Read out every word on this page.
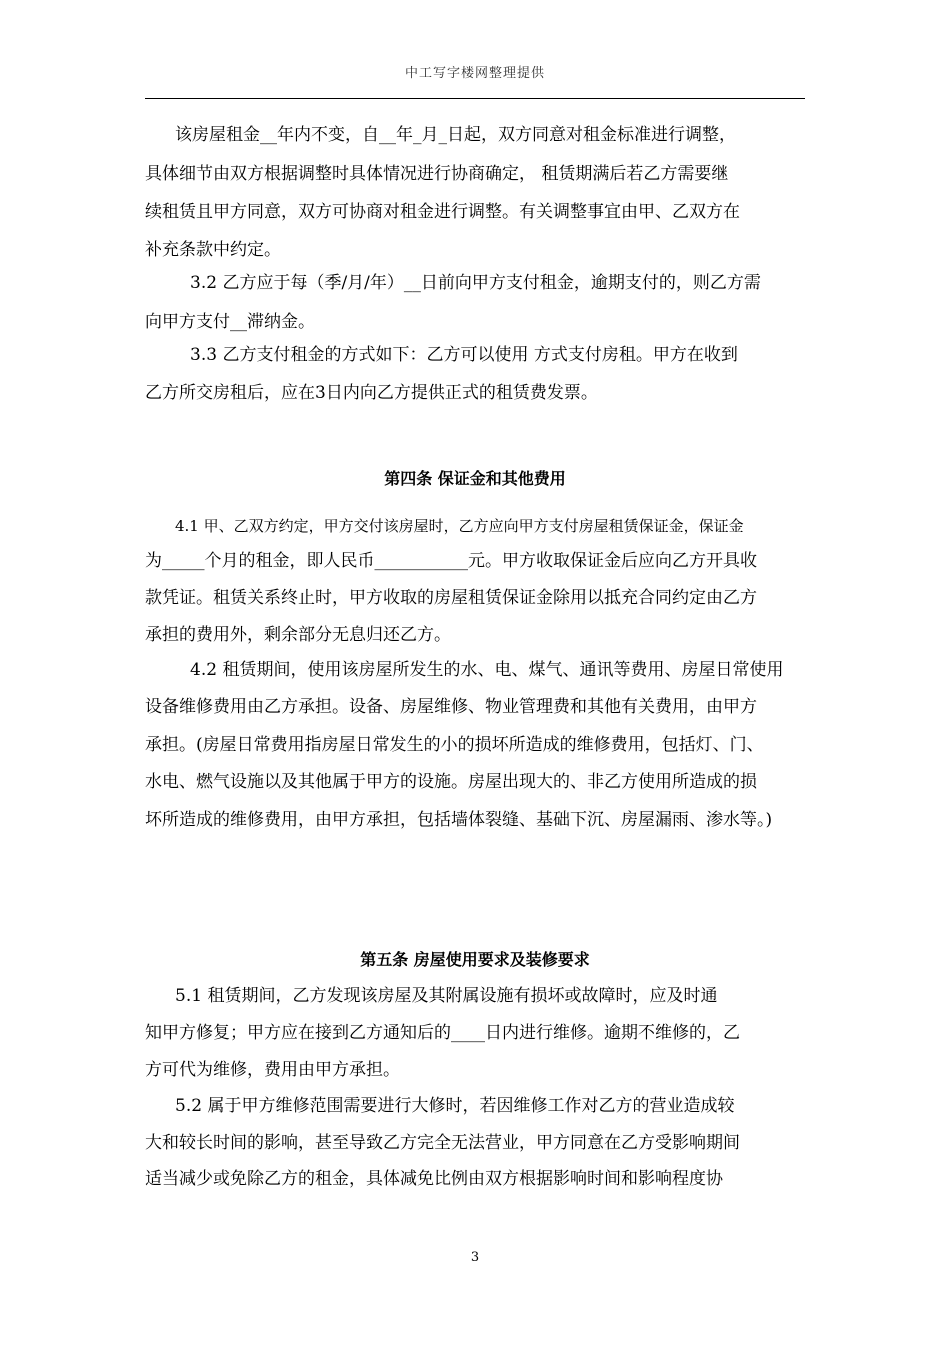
中工写字楼网整理提供
该房屋租金__年内不变，自__年_月_日起，双方同意对租金标准进行调整，
具体细节由双方根据调整时具体情况进行协商确定， 租赁期满后若乙方需要继
续租赁且甲方同意，双方可协商对租金进行调整。有关调整事宜由甲、乙双方在
补充条款中约定。
3.2 乙方应于每（季/月/年）__日前向甲方支付租金，逾期支付的，则乙方需
向甲方支付__滞纳金。
3.3 乙方支付租金的方式如下：乙方可以使用 方式支付房租。甲方在收到
乙方所交房租后，应在3日内向乙方提供正式的租赁费发票。
第四条 保证金和其他费用
4.1 甲、乙双方约定，甲方交付该房屋时，乙方应向甲方支付房屋租赁保证金，保证金
为_____个月的租金，即人民币___________元。甲方收取保证金后应向乙方开具收
款凭证。租赁关系终止时，甲方收取的房屋租赁保证金除用以抵充合同约定由乙方
承担的费用外，剩余部分无息归还乙方。
4.2 租赁期间，使用该房屋所发生的水、电、煤气、通讯等费用、房屋日常使用
设备维修费用由乙方承担。设备、房屋维修、物业管理费和其他有关费用，由甲方
承担。(房屋日常费用指房屋日常发生的小的损坏所造成的维修费用，包括灯、门、
水电、燃气设施以及其他属于甲方的设施。房屋出现大的、非乙方使用所造成的损
坏所造成的维修费用，由甲方承担，包括墙体裂缝、基础下沉、房屋漏雨、渗水等。)
第五条 房屋使用要求及装修要求
5.1 租赁期间，乙方发现该房屋及其附属设施有损坏或故障时，应及时通
知甲方修复；甲方应在接到乙方通知后的____日内进行维修。逾期不维修的，乙
方可代为维修，费用由甲方承担。
5.2 属于甲方维修范围需要进行大修时，若因维修工作对乙方的营业造成较
大和较长时间的影响，甚至导致乙方完全无法营业，甲方同意在乙方受影响期间
适当减少或免除乙方的租金，具体减免比例由双方根据影响时间和影响程度协
3
